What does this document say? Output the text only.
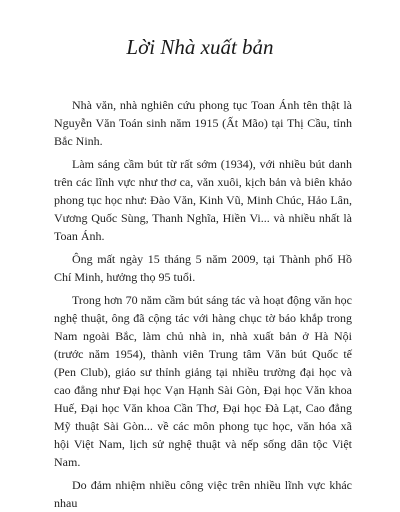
Lời Nhà xuất bản

Nhà văn, nhà nghiên cứu phong tục Toan Ánh tên thật là Nguyễn Văn Toán sinh năm 1915 (Ất Mão) tại Thị Cầu, tỉnh Bắc Ninh.

Làm sáng cầm bút từ rất sớm (1934), với nhiều bút danh trên các lĩnh vực như thơ ca, văn xuôi, kịch bản và biên khảo phong tục học như: Đào Văn, Kinh Vũ, Minh Chúc, Hảo Lân, Vương Quốc Sùng, Thanh Nghĩa, Hiền Vi... và nhiều nhất là Toan Ánh.

Ông mất ngày 15 tháng 5 năm 2009, tại Thành phố Hồ Chí Minh, hưởng thọ 95 tuổi.

Trong hơn 70 năm cầm bút sáng tác và hoạt động văn học nghệ thuật, ông đã cộng tác với hàng chục tờ báo khắp trong Nam ngoài Bắc, làm chủ nhà in, nhà xuất bản ở Hà Nội (trước năm 1954), thành viên Trung tâm Văn bút Quốc tế (Pen Club), giáo sư thỉnh giảng tại nhiều trường đại học và cao đẳng như Đại học Vạn Hạnh Sài Gòn, Đại học Văn khoa Huế, Đại học Văn khoa Cần Thơ, Đại học Đà Lạt, Cao đẳng Mỹ thuật Sài Gòn... về các môn phong tục học, văn hóa xã hội Việt Nam, lịch sử nghệ thuật và nếp sống dân tộc Việt Nam.

Do đảm nhiệm nhiều công việc trên nhiều lĩnh vực khác nhau
